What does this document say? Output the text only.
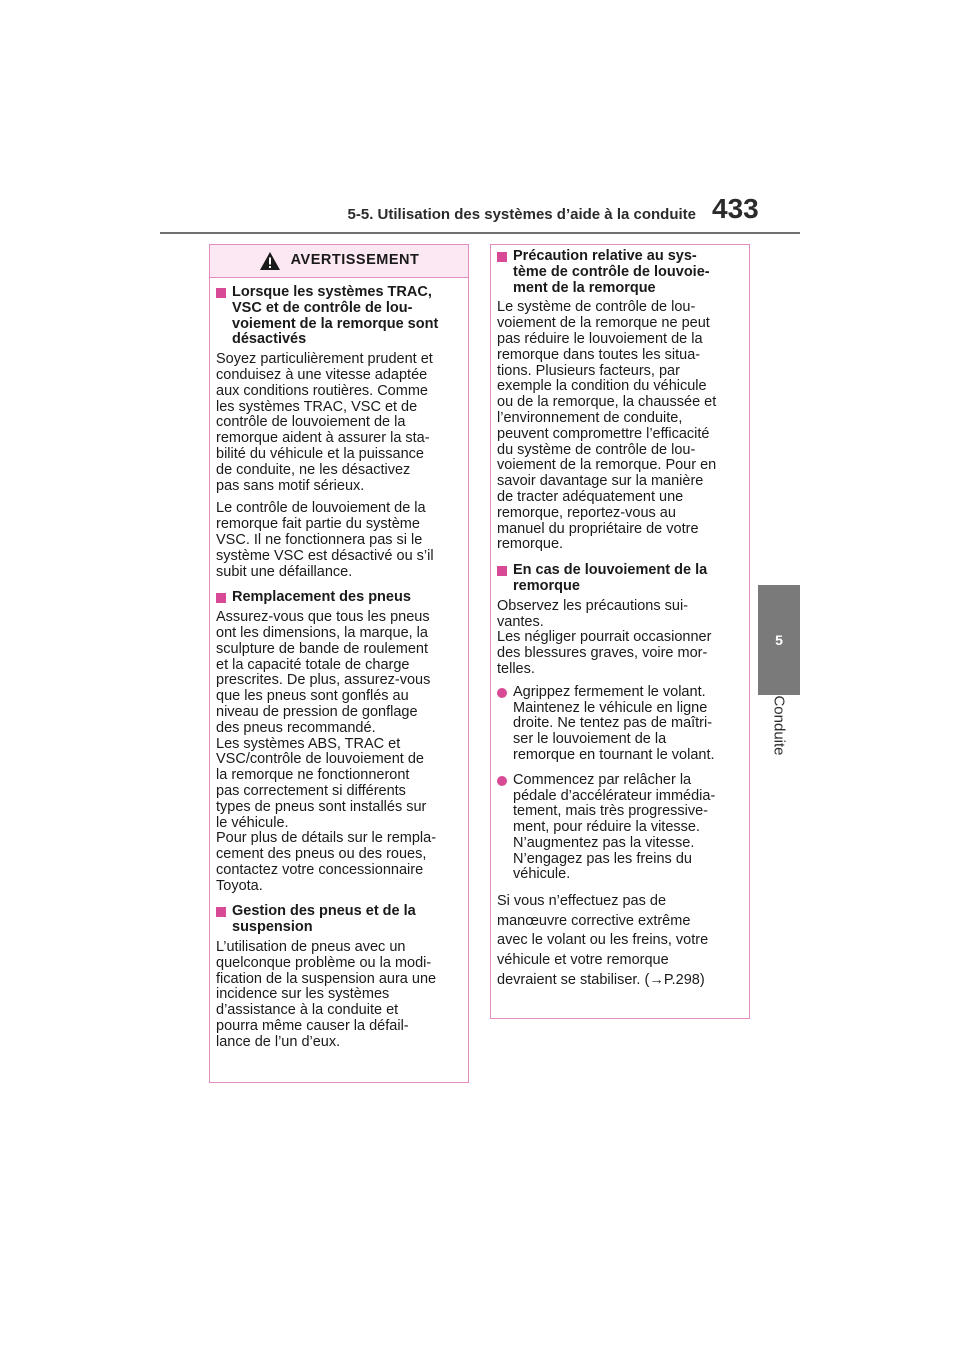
5-5. Utilisation des systèmes d’aide à la conduite 433
5
Conduite
AVERTISSEMENT
Lorsque les systèmes TRAC,
VSC et de contrôle de lou-
voiement de la remorque sont
désactivés
Soyez particulièrement prudent et
conduisez à une vitesse adaptée
aux conditions routières. Comme
les systèmes TRAC, VSC et de
contrôle de louvoiement de la
remorque aident à assurer la sta-
bilité du véhicule et la puissance
de conduite, ne les désactivez
pas sans motif sérieux.
Le contrôle de louvoiement de la
remorque fait partie du système
VSC. Il ne fonctionnera pas si le
système VSC est désactivé ou s’il
subit une défaillance.
Remplacement des pneus
Assurez-vous que tous les pneus
ont les dimensions, la marque, la
sculpture de bande de roulement
et la capacité totale de charge
prescrites. De plus, assurez-vous
que les pneus sont gonflés au
niveau de pression de gonflage
des pneus recommandé.
Les systèmes ABS, TRAC et
VSC/contrôle de louvoiement de
la remorque ne fonctionneront
pas correctement si différents
types de pneus sont installés sur
le véhicule.
Pour plus de détails sur le rempla-
cement des pneus ou des roues,
contactez votre concessionnaire
Toyota.
Gestion des pneus et de la
suspension
L’utilisation de pneus avec un
quelconque problème ou la modi-
fication de la suspension aura une
incidence sur les systèmes
d’assistance à la conduite et
pourra même causer la défail-
lance de l’un d’eux.
Précaution relative au sys-
tème de contrôle de louvoie-
ment de la remorque
Le système de contrôle de lou-
voiement de la remorque ne peut
pas réduire le louvoiement de la
remorque dans toutes les situa-
tions. Plusieurs facteurs, par
exemple la condition du véhicule
ou de la remorque, la chaussée et
l’environnement de conduite,
peuvent compromettre l’efficacité
du système de contrôle de lou-
voiement de la remorque. Pour en
savoir davantage sur la manière
de tracter adéquatement une
remorque, reportez-vous au
manuel du propriétaire de votre
remorque.
En cas de louvoiement de la
remorque
Observez les précautions sui-
vantes.
Les négliger pourrait occasionner
des blessures graves, voire mor-
telles.
Agrippez fermement le volant.
Maintenez le véhicule en ligne
droite. Ne tentez pas de maîtri-
ser le louvoiement de la
remorque en tournant le volant.
Commencez par relâcher la
pédale d’accélérateur immédia-
tement, mais très progressive-
ment, pour réduire la vitesse.
N’augmentez pas la vitesse.
N’engagez pas les freins du
véhicule.
Si vous n’effectuez pas de
manœuvre corrective extrême
avec le volant ou les freins, votre
véhicule et votre remorque
devraient se stabiliser. (→P.298)
